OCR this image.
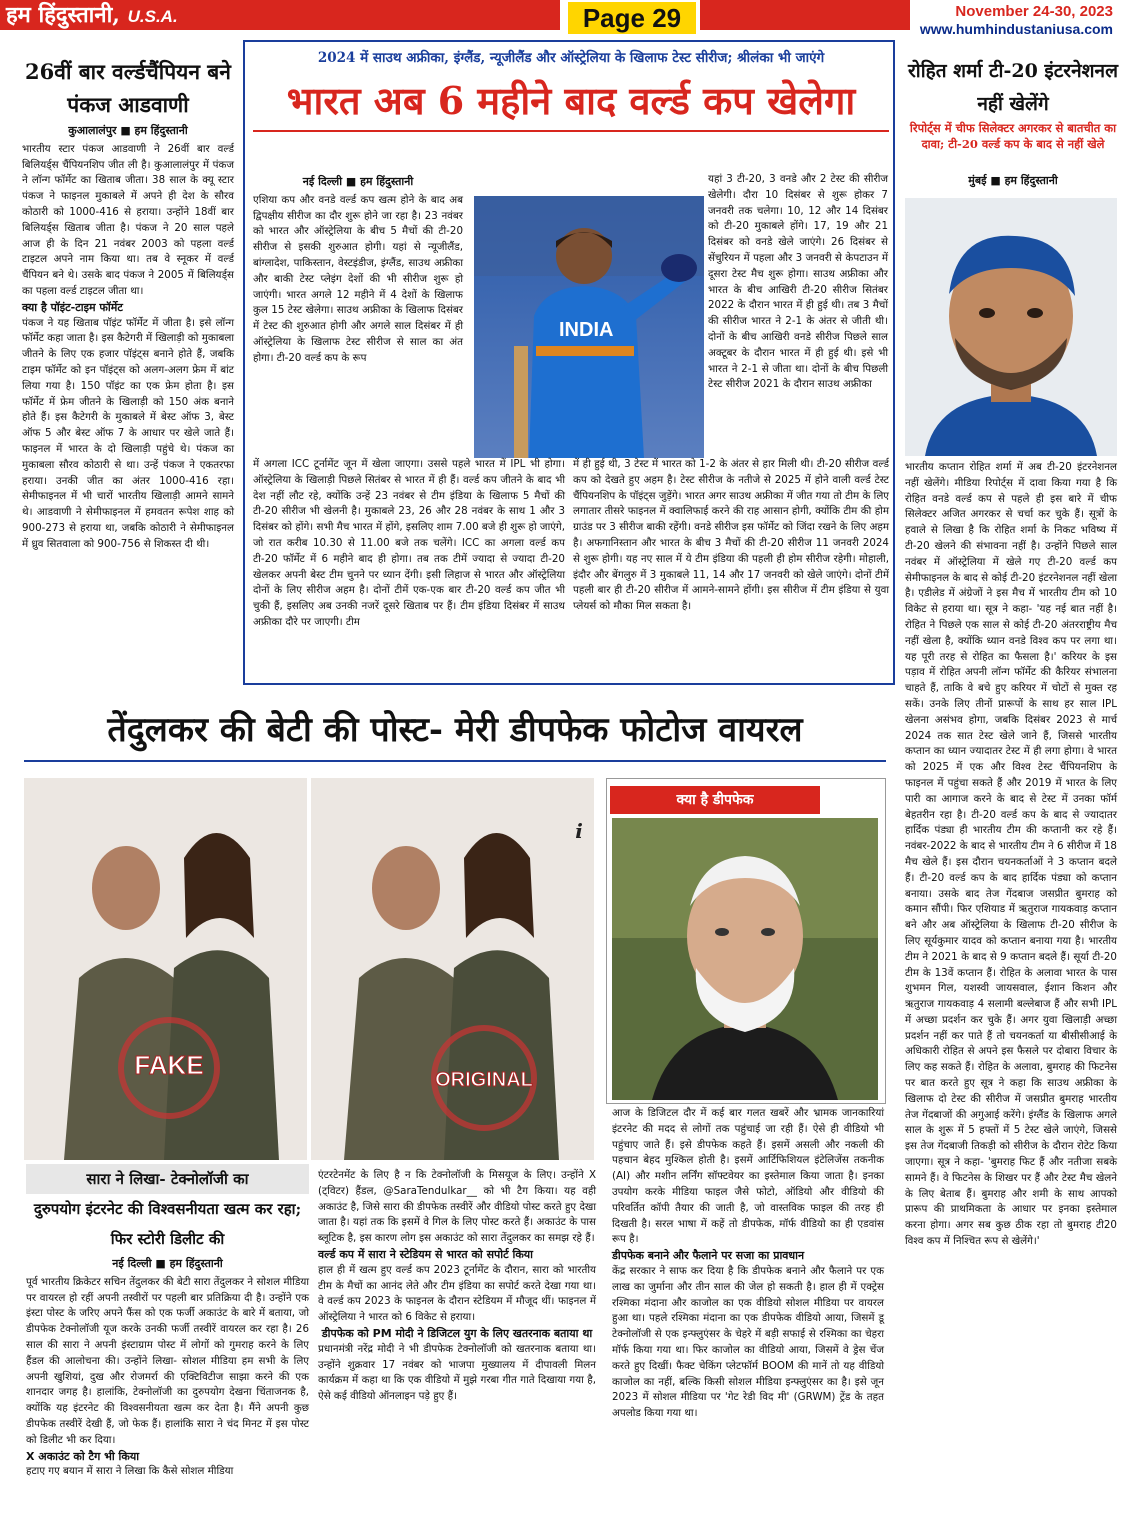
हम हिंदुस्तानी, U.S.A.	Page 29	November 24-30, 2023
www.humhindustaniusa.com
26वीं बार वर्ल्डचैंपियन बने पंकज आडवाणी
कुआलालंपुर ■ हम हिंदुस्तानी

भारतीय स्टार पंकज आडवाणी ने 26वीं बार वर्ल्ड बिलियर्ड्स चैंपियनशिप जीत ली है। कुआलालंपुर में पंकज ने लॉन्ग फॉर्मेट का खिताब जीता। 38 साल के क्यू स्टार पंकज ने फाइनल मुकाबले में अपने ही देश के सौरव कोठारी को 1000-416 से हराया। उन्होंने 18वीं बार बिलियर्ड्स खिताब जीता है। पंकज ने 20 साल पहले आज ही के दिन 21 नवंबर 2003 को पहला वर्ल्ड टाइटल अपने नाम किया था। तब वे स्नूकर में वर्ल्ड चैंपियन बने थे। उसके बाद पंकज ने 2005 में बिलियर्ड्स का पहला वर्ल्ड टाइटल जीता था।

क्या है पॉइंट-टाइम फॉर्मेट

पंकज ने यह खिताब पॉइंट फॉर्मेट में जीता है। इसे लॉन्ग फॉर्मेट कहा जाता है। इस कैटेगरी में खिलाड़ी को मुकाबला जीतने के लिए एक हजार पॉइंट्स बनाने होते हैं, जबकि टाइम फॉर्मेट को इन पॉइंट्स को अलग-अलग फ्रेम में बांट लिया गया है। 150 पॉइंट का एक फ्रेम होता है। इस फॉर्मेट में फ्रेम जीतने के खिलाड़ी को 150 अंक बनाने होते हैं। इस कैटेगरी के मुकाबले में बेस्ट ऑफ 3, बेस्ट ऑफ 5 और बेस्ट ऑफ 7 के आधार पर खेले जाते हैं। फाइनल में भारत के दो खिलाड़ी पहुंचे थे। पंकज का मुकाबला सौरव कोठारी से था। उन्हें पंकज ने एकतरफा हराया। उनकी जीत का अंतर 1000-416 रहा। सेमीफाइनल में भी चारों भारतीय खिलाड़ी आमने सामने थे। आडवाणी ने सेमीफाइनल में हमवतन रूपेश शाह को 900-273 से हराया था, जबकि कोठारी ने सेमीफाइनल में ध्रुव सितवाला को 900-756 से शिकस्त दी थी।

2024 में साउथ अफ्रीका, इंग्लैंड, न्यूजीलैंड और ऑस्ट्रेलिया के खिलाफ टेस्ट सीरीज; श्रीलंका भी जाएंगे
भारत अब 6 महीने बाद वर्ल्ड कप खेलेगा
नई दिल्ली ■ हम हिंदुस्तानी

एशिया कप और वनडे वर्ल्ड कप खत्म होने के बाद अब द्विपक्षीय सीरीज का दौर शुरू होने जा रहा है। 23 नवंबर को भारत और ऑस्ट्रेलिया के बीच 5 मैचों की टी-20 सीरीज से इसकी शुरुआत होगी। यहां से न्यूजीलैंड, बांग्लादेश, पाकिस्तान, वेस्टइंडीज, इंग्लैंड, साउथ अफ्रीका और बाकी टेस्ट प्लेइंग देशों की भी सीरीज शुरू हो जाएंगी। भारत अगले 12 महीने में 4 देशों के खिलाफ कुल 15 टेस्ट खेलेगा। साउथ अफ्रीका के खिलाफ दिसंबर में टेस्ट की शुरुआत होगी और अगले साल दिसंबर में ही ऑस्ट्रेलिया के खिलाफ टेस्ट सीरीज से साल का अंत होगा। टी-20 वर्ल्ड कप के रूप

INDIA

यहां 3 टी-20, 3 वनडे और 2 टेस्ट की सीरीज खेलेगी। दौरा 10 दिसंबर से शुरू होकर 7 जनवरी तक चलेगा। 10, 12 और 14 दिसंबर को टी-20 मुकाबले होंगे। 17, 19 और 21 दिसंबर को वनडे खेले जाएंगे। 26 दिसंबर से सेंचुरियन में पहला और 3 जनवरी से केपटाउन में दूसरा टेस्ट मैच शुरू होगा। साउथ अफ्रीका और भारत के बीच आखिरी टी-20 सीरीज सितंबर 2022 के दौरान भारत में ही हुई थी। तब 3 मैचों की सीरीज भारत ने 2-1 के अंतर से जीती थी। दोनों के बीच आखिरी वनडे सीरीज पिछले साल अक्टूबर के दौरान भारत में ही हुई थी। इसे भी भारत ने 2-1 से जीता था। दोनों के बीच पिछली टेस्ट सीरीज 2021 के दौरान साउथ अफ्रीका

में अगला ICC टूर्नामेंट जून में खेला जाएगा। उससे पहले भारत में IPL भी होगा। ऑस्ट्रेलिया के खिलाड़ी पिछले सितंबर से भारत में ही हैं। वर्ल्ड कप जीतने के बाद भी देश नहीं लौट रहे, क्योंकि उन्हें 23 नवंबर से टीम इंडिया के खिलाफ 5 मैचों की टी-20 सीरीज भी खेलनी है। मुकाबले 23, 26 और 28 नवंबर के साथ 1 और 3 दिसंबर को होंगे। सभी मैच भारत में होंगे, इसलिए शाम 7.00 बजे ही शुरू हो जाएंगे, जो रात करीब 10.30 से 11.00 बजे तक चलेंगे। ICC का अगला वर्ल्ड कप टी-20 फॉर्मेट में 6 महीने बाद ही होगा। तब तक टीमें ज्यादा से ज्यादा टी-20 खेलकर अपनी बेस्ट टीम चुनने पर ध्यान देंगी। इसी लिहाज से भारत और ऑस्ट्रेलिया दोनों के लिए सीरीज अहम है। दोनों टीमें एक-एक बार टी-20 वर्ल्ड कप जीत भी चुकी हैं, इसलिए अब उनकी नजरें दूसरे खिताब पर हैं। टीम इंडिया दिसंबर में साउथ अफ्रीका दौरे पर जाएगी। टीम

में ही हुई थी, 3 टेस्ट में भारत को 1-2 के अंतर से हार मिली थी। टी-20 सीरीज वर्ल्ड कप को देखते हुए अहम है। टेस्ट सीरीज के नतीजे से 2025 में होने वाली वर्ल्ड टेस्ट चैंपियनशिप के पॉइंट्स जुड़ेंगे। भारत अगर साउथ अफ्रीका में जीत गया तो टीम के लिए लगातार तीसरे फाइनल में क्वालिफाई करने की राह आसान होगी, क्योंकि टीम की होम ग्राउंड पर 3 सीरीज बाकी रहेंगी। वनडे सीरीज इस फॉर्मेट को जिंदा रखने के लिए अहम है। अफगानिस्तान और भारत के बीच 3 मैचों की टी-20 सीरीज 11 जनवरी 2024 से शुरू होगी। यह नए साल में ये टीम इंडिया की पहली ही होम सीरीज रहेगी। मोहाली, इंदौर और बेंगलुरु में 3 मुकाबले 11, 14 और 17 जनवरी को खेले जाएंगे। दोनों टीमें पहली बार ही टी-20 सीरीज में आमने-सामने होंगी। इस सीरीज में टीम इंडिया से युवा प्लेयर्स को मौका मिल सकता है।

रोहित शर्मा टी-20 इंटरनेशनल नहीं खेलेंगे
रिपोर्ट्स में चीफ सिलेक्टर अगरकर से बातचीत का दावा; टी-20 वर्ल्ड कप के बाद से नहीं खेले
मुंबई ■ हम हिंदुस्तानी

भारतीय कप्तान रोहित शर्मा में अब टी-20 इंटरनेशनल नहीं खेलेंगे। मीडिया रिपोर्ट्स में दावा किया गया है कि रोहित वनडे वर्ल्ड कप से पहले ही इस बारे में चीफ सिलेक्टर अजित अगरकर से चर्चा कर चुके हैं। सूत्रों के हवाले से लिखा है कि रोहित शर्मा के निकट भविष्य में टी-20 खेलने की संभावना नहीं है। उन्होंने पिछले साल नवंबर में ऑस्ट्रेलिया में खेले गए टी-20 वर्ल्ड कप सेमीफाइनल के बाद से कोई टी-20 इंटरनेशनल नहीं खेला है। एडीलेड में अंग्रेजों ने इस मैच में भारतीय टीम को 10 विकेट से हराया था। सूत्र ने कहा- 'यह नई बात नहीं है। रोहित ने पिछले एक साल से कोई टी-20 अंतरराष्ट्रीय मैच नहीं खेला है, क्योंकि ध्यान वनडे विश्व कप पर लगा था। यह पूरी तरह से रोहित का फैसला है।' करियर के इस पड़ाव में रोहित अपनी लॉन्ग फॉर्मेट की कैरियर संभालना चाहते हैं, ताकि वे बचे हुए करियर में चोटों से मुक्त रह सकें। उनके लिए तीनों प्रारूपों के साथ हर साल IPL खेलना असंभव होगा, जबकि दिसंबर 2023 से मार्च 2024 तक सात टेस्ट खेले जाने हैं, जिससे भारतीय कप्तान का ध्यान ज्यादातर टेस्ट में ही लगा होगा। वे भारत को 2025 में एक और विश्व टेस्ट चैंपियनशिप के फाइनल में पहुंचा सकते हैं और 2019 में भारत के लिए पारी का आगाज करने के बाद से टेस्ट में उनका फॉर्म बेहतरीन रहा है। टी-20 वर्ल्ड कप के बाद से ज्यादातर हार्दिक पंड्या ही भारतीय टीम की कप्तानी कर रहे हैं। नवंबर-2022 के बाद से भारतीय टीम ने 6 सीरीज में 18 मैच खेले हैं। इस दौरान चयनकर्ताओं ने 3 कप्तान बदले हैं। टी-20 वर्ल्ड कप के बाद हार्दिक पंड्या को कप्तान बनाया। उसके बाद तेज गेंदबाज जसप्रीत बुमराह को कमान सौंपी। फिर एशियाड में ऋतुराज गायकवाड़ कप्तान बने और अब ऑस्ट्रेलिया के खिलाफ टी-20 सीरीज के लिए सूर्यकुमार यादव को कप्तान बनाया गया है। भारतीय टीम ने 2021 के बाद से 9 कप्तान बदले हैं। सूर्या टी-20 टीम के 13वें कप्तान हैं। रोहित के अलावा भारत के पास शुभमन गिल, यशस्वी जायसवाल, ईशान किशन और ऋतुराज गायकवाड़ 4 सलामी बल्लेबाज हैं और सभी IPL में अच्छा प्रदर्शन कर चुके हैं। अगर युवा खिलाड़ी अच्छा प्रदर्शन नहीं कर पाते हैं तो चयनकर्ता या बीसीसीआई के अधिकारी रोहित से अपने इस फैसले पर दोबारा विचार के लिए कह सकते हैं। रोहित के अलावा, बुमराह की फिटनेस पर बात करते हुए सूत्र ने कहा कि साउथ अफ्रीका के खिलाफ दो टेस्ट की सीरीज में जसप्रीत बुमराह भारतीय तेज गेंदबाजों की अगुआई करेंगे। इंग्लैंड के खिलाफ अगले साल के शुरू में 5 हफ्तों में 5 टेस्ट खेले जाएंगे, जिससे इस तेज गेंदबाजी तिकड़ी को सीरीज के दौरान रोटेट किया जाएगा। सूत्र ने कहा- 'बुमराह फिट हैं और नतीजा सबके सामने हैं। वे फिटनेस के शिखर पर हैं और टेस्ट मैच खेलने के लिए बेताब हैं। बुमराह और शमी के साथ आपको प्रारूप की प्राथमिकता के आधार पर इनका इस्तेमाल करना होगा। अगर सब कुछ ठीक रहा तो बुमराह टी20 विश्व कप में निश्चित रूप से खेलेंगे।'

तेंदुलकर की बेटी की पोस्ट- मेरी डीपफेक फोटोज वायरल
FAKE	ORIGINAL
i
क्या है डीपफेक

आज के डिजिटल दौर में कई बार गलत खबरें और भ्रामक जानकारियां इंटरनेट की मदद से लोगों तक पहुंचाई जा रही हैं। ऐसे ही वीडियो भी पहुंचाए जाते हैं। इसे डीपफेक कहते हैं। इसमें असली और नकली की पहचान बेहद मुश्किल होती है। इसमें आर्टिफिशियल इंटेलिजेंस तकनीक (AI) और मशीन लर्निंग सॉफ्टवेयर का इस्तेमाल किया जाता है। इनका उपयोग करके मीडिया फाइल जैसे फोटो, ऑडियो और वीडियो की परिवर्तित कॉपी तैयार की जाती है, जो वास्तविक फाइल की तरह ही दिखती है। सरल भाषा में कहें तो डीपफेक, मॉर्फ वीडियो का ही एडवांस रूप है।

डीपफेक बनाने और फैलाने पर सजा का प्रावधान

केंद्र सरकार ने साफ कर दिया है कि डीपफेक बनाने और फैलाने पर एक लाख का जुर्माना और तीन साल की जेल हो सकती है। हाल ही में एक्ट्रेस रश्मिका मंदाना और काजोल का एक वीडियो सोशल मीडिया पर वायरल हुआ था। पहले रश्मिका मंदाना का एक डीपफेक वीडियो आया, जिसमें डू टेक्नोलॉजी से एक इन्फ्लुएंसर के चेहरे में बड़ी सफाई से रश्मिका का चेहरा मॉर्फ किया गया था। फिर काजोल का वीडियो आया, जिसमें वे ड्रेस चेंज करते हुए दिखीं। फैक्ट चेकिंग प्लेटफॉर्म BOOM की मानें तो यह वीडियो काजोल का नहीं, बल्कि किसी सोशल मीडिया इन्फ्लुएंसर का है। इसे जून 2023 में सोशल मीडिया पर 'गेट रेडी विद मी' (GRWM) ट्रेंड के तहत अपलोड किया गया था।

सारा ने लिखा- टेक्नोलॉजी का
दुरुपयोग इंटरनेट की विश्वसनीयता खत्म कर रहा; फिर स्टोरी डिलीट की
नई दिल्ली ■ हम हिंदुस्तानी

पूर्व भारतीय क्रिकेटर सचिन तेंदुलकर की बेटी सारा तेंदुलकर ने सोशल मीडिया पर वायरल हो रहीं अपनी तस्वीरों पर पहली बार प्रतिक्रिया दी है। उन्होंने एक इंस्टा पोस्ट के जरिए अपने फैंस को एक फर्जी अकाउंट के बारे में बताया, जो डीपफेक टेक्नोलॉजी यूज करके उनकी फर्जी तस्वीरें वायरल कर रहा है। 26 साल की सारा ने अपनी इंस्टाग्राम पोस्ट में लोगों को गुमराह करने के लिए हैंडल की आलोचना की। उन्होंने लिखा- सोशल मीडिया हम सभी के लिए अपनी खुशियां, दुख और रोजमर्रा की एक्टिविटीज साझा करने की एक शानदार जगह है। हालांकि, टेक्नोलॉजी का दुरुपयोग देखना चिंताजनक है, क्योंकि यह इंटरनेट की विश्वसनीयता खत्म कर देता है। मैंने अपनी कुछ डीपफेक तस्वीरें देखी हैं, जो फेक हैं। हालांकि सारा ने चंद मिनट में इस पोस्ट को डिलीट भी कर दिया।

X अकाउंट को टैग भी किया

हटाए गए बयान में सारा ने लिखा कि कैसे सोशल मीडिया

एंटरटेनमेंट के लिए है न कि टेक्नोलॉजी के मिसयूज के लिए। उन्होंने X (ट्विटर) हैंडल, @SaraTendulkar__ को भी टैग किया। यह वही अकाउंट है, जिसे सारा की डीपफेक तस्वीरें और वीडियो पोस्ट करते हुए देखा जाता है। यहां तक कि इसमें वे गिल के लिए पोस्ट करते हैं। अकाउंट के पास ब्लूटिक है, इस कारण लोग इस अकाउंट को सारा तेंदुलकर का समझ रहे हैं।

वर्ल्ड कप में सारा ने स्टेडियम से भारत को सपोर्ट किया

हाल ही में खत्म हुए वर्ल्ड कप 2023 टूर्नामेंट के दौरान, सारा को भारतीय टीम के मैचों का आनंद लेते और टीम इंडिया का सपोर्ट करते देखा गया था। वे वर्ल्ड कप 2023 के फाइनल के दौरान स्टेडियम में मौजूद थीं। फाइनल में ऑस्ट्रेलिया ने भारत को 6 विकेट से हराया।

डीपफेक को PM मोदी ने डिजिटल युग के लिए खतरनाक बताया था

प्रधानमंत्री नरेंद्र मोदी ने भी डीपफेक टेक्नोलॉजी को खतरनाक बताया था। उन्होंने शुक्रवार 17 नवंबर को भाजपा मुख्यालय में दीपावली मिलन कार्यक्रम में कहा था कि एक वीडियो में मुझे गरबा गीत गाते दिखाया गया है, ऐसे कई वीडियो ऑनलाइन पड़े हुए हैं।
